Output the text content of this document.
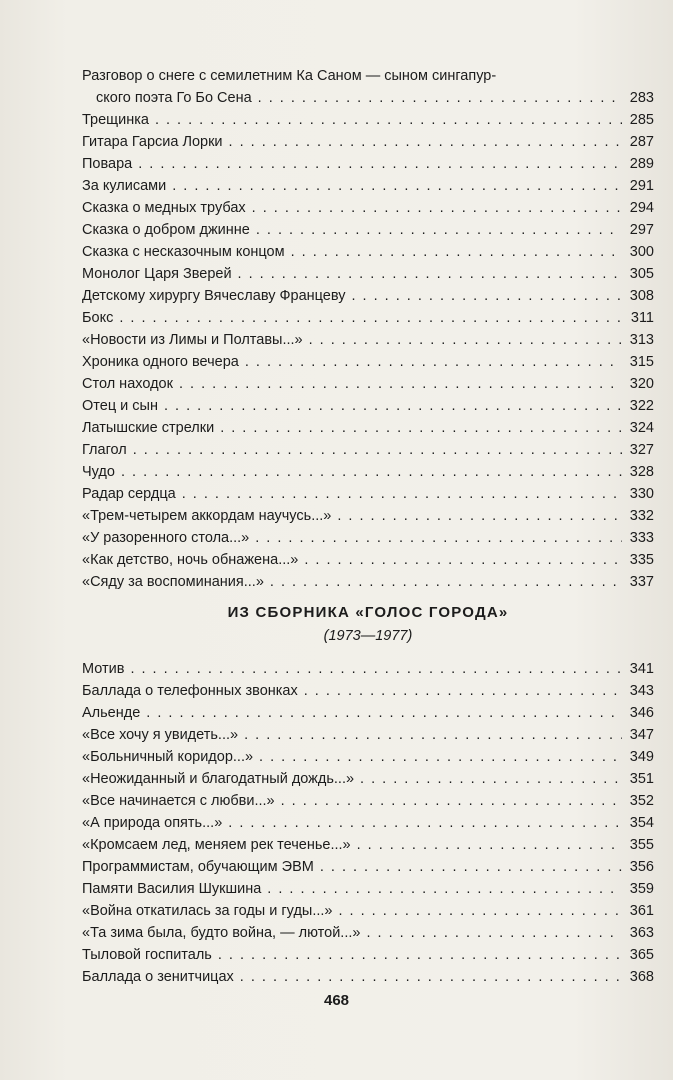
Разговор о снеге с семилетним Ка Саном — сыном сингапур-
ского поэта Го Бо Сена . . .	283
Трещинка . . .	285
Гитара Гарсиа Лорки . . .	287
Повара . . .	289
За кулисами . . .	291
Сказка о медных трубах . . .	294
Сказка о добром джинне . . .	297
Сказка с несказочным концом . . .	300
Монолог Царя Зверей . . .	305
Детскому хирургу Вячеславу Францеву . . .	308
Бокс . . .	311
«Новости из Лимы и Полтавы...» . . .	313
Хроника одного вечера . . .	315
Стол находок . . .	320
Отец и сын . . .	322
Латышские стрелки . . .	324
Глагол . . .	327
Чудо . . .	328
Радар сердца . . .	330
«Трем-четырем аккордам научусь...» . . .	332
«У разоренного стола...» . . .	333
«Как детство, ночь обнажена...» . . .	335
«Сяду за воспоминания...» . . .	337
ИЗ СБОРНИКА «ГОЛОС ГОРОДА»
(1973—1977)
Мотив . . .	341
Баллада о телефонных звонках . . .	343
Альенде . . .	346
«Все хочу я увидеть...» . . .	347
«Больничный коридор...» . . .	349
«Неожиданный и благодатный дождь...» . . .	351
«Все начинается с любви...» . . .	352
«А природа опять...» . . .	354
«Кромсаем лед, меняем рек теченье...» . . .	355
Программистам, обучающим ЭВМ . . .	356
Памяти Василия Шукшина . . .	359
«Война откатилась за годы и гуды...» . . .	361
«Та зима была, будто война, — лютой...» . . .	363
Тыловой госпиталь . . .	365
Баллада о зенитчицах . . .	368
468
